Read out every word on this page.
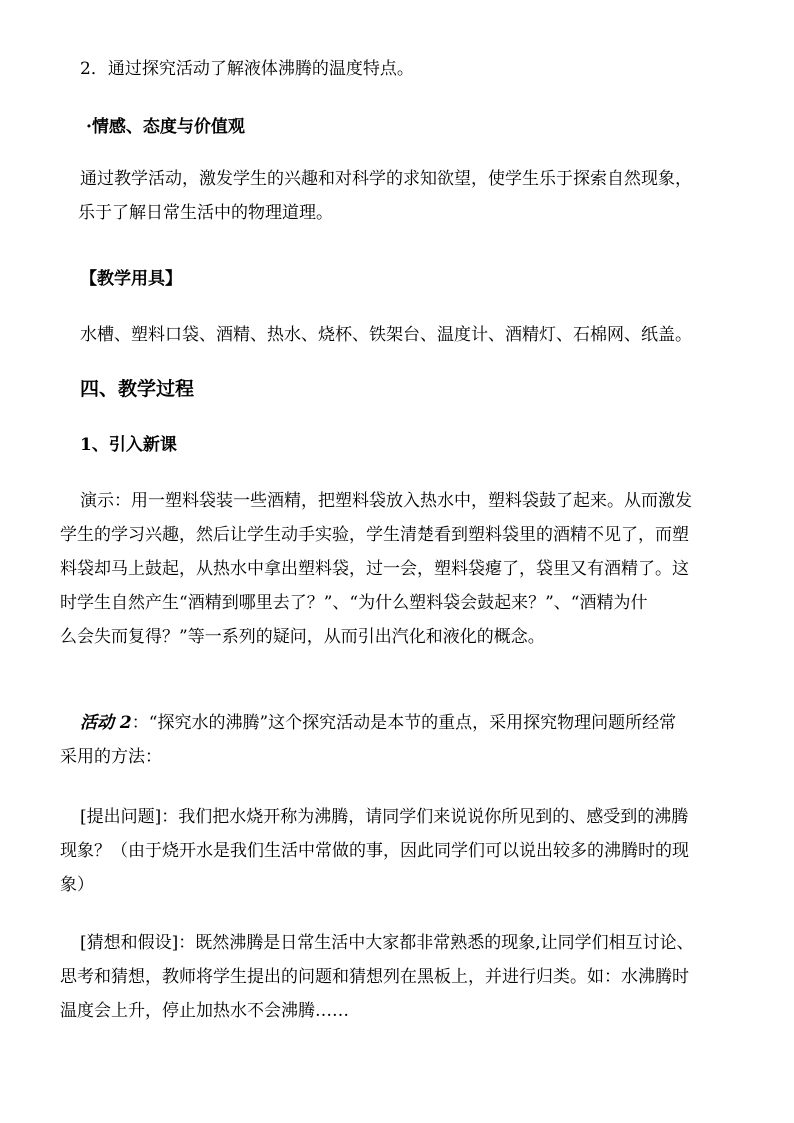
2．通过探究活动了解液体沸腾的温度特点。

·情感、态度与价值观

通过教学活动，激发学生的兴趣和对科学的求知欲望，使学生乐于探索自然现象，
乐于了解日常生活中的物理道理。

【教学用具】

水槽、塑料口袋、酒精、热水、烧杯、铁架台、温度计、酒精灯、石棉网、纸盖。

四、教学过程

1、引入新课

演示：用一塑料袋装一些酒精，把塑料袋放入热水中，塑料袋鼓了起来。从而激发
学生的学习兴趣，然后让学生动手实验，学生清楚看到塑料袋里的酒精不见了，而塑
料袋却马上鼓起，从热水中拿出塑料袋，过一会，塑料袋瘪了，袋里又有酒精了。这
时学生自然产生“酒精到哪里去了？”、“为什么塑料袋会鼓起来？”、“酒精为什
么会失而复得？”等一系列的疑问，从而引出汽化和液化的概念。

活动 2：“探究水的沸腾”这个探究活动是本节的重点，采用探究物理问题所经常
采用的方法：

[提出问题]：我们把水烧开称为沸腾，请同学们来说说你所见到的、感受到的沸腾
现象？（由于烧开水是我们生活中常做的事，因此同学们可以说出较多的沸腾时的现
象）

[猜想和假设]：既然沸腾是日常生活中大家都非常熟悉的现象,让同学们相互讨论、
思考和猜想，教师将学生提出的问题和猜想列在黑板上，并进行归类。如：水沸腾时
温度会上升，停止加热水不会沸腾……
